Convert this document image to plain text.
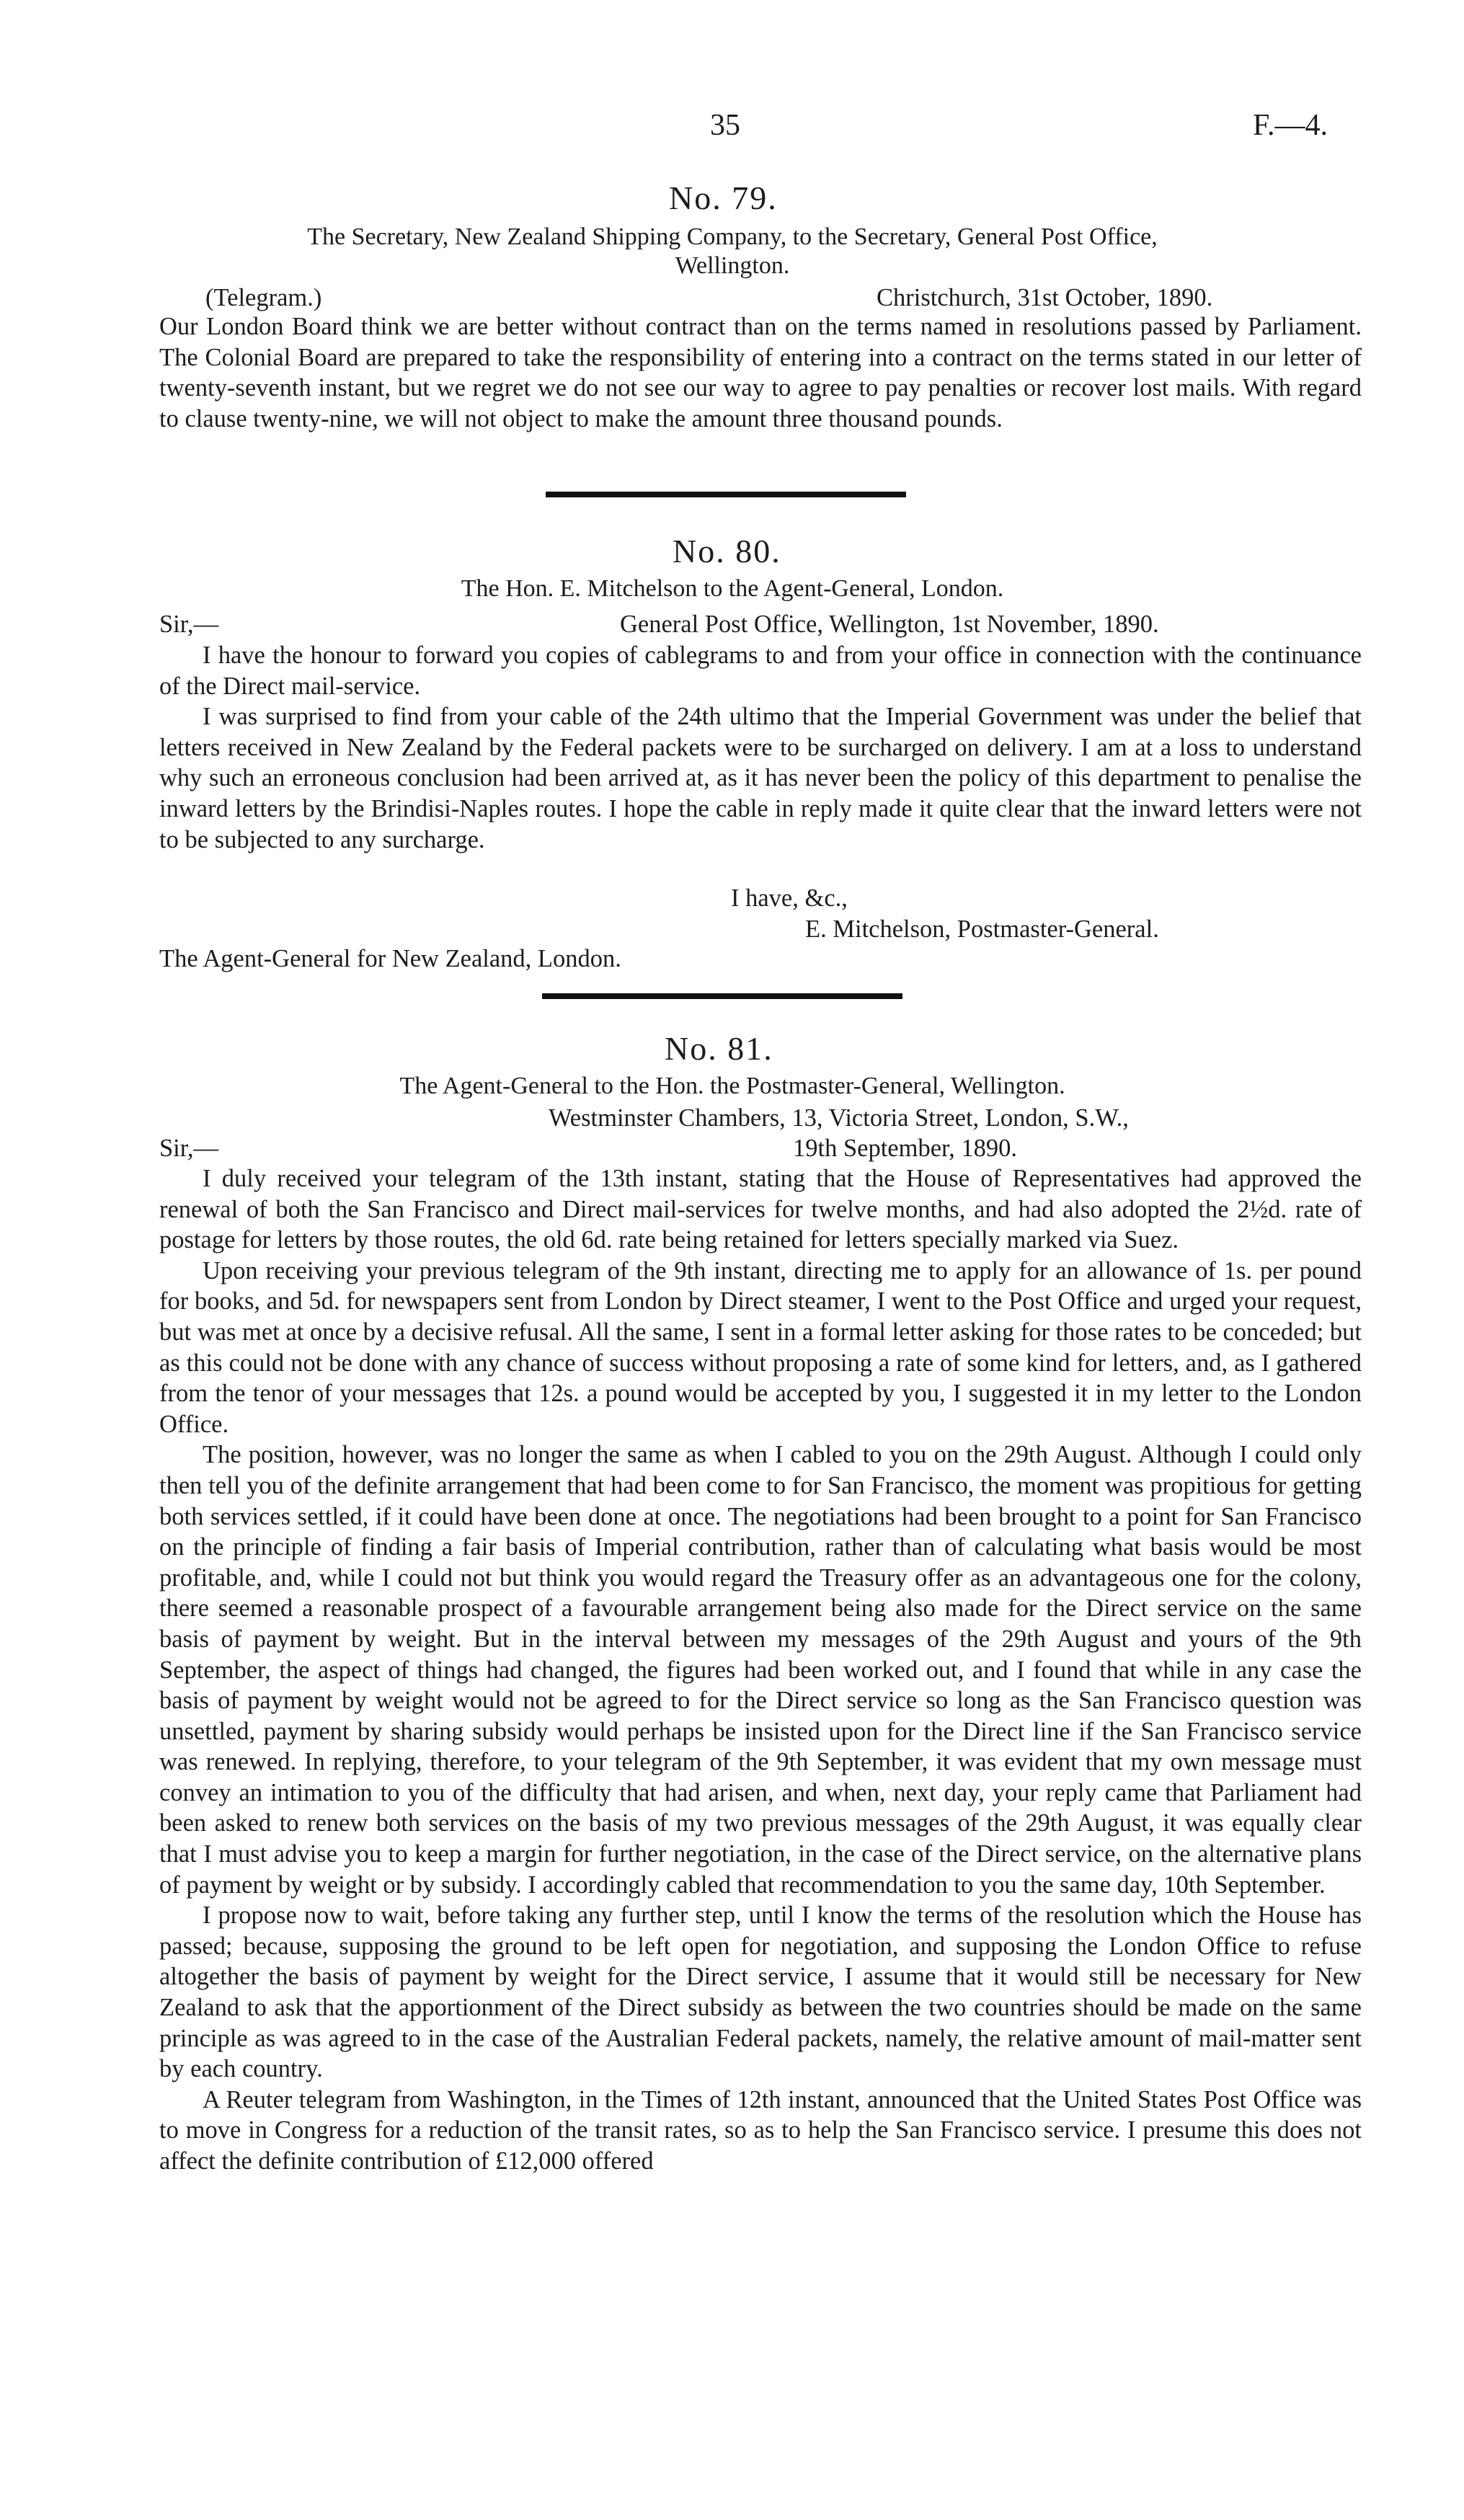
35	F.—4.
No. 79.
The Secretary, New Zealand Shipping Company, to the Secretary, General Post Office,
Wellington.
(Telegram.)	Christchurch, 31st October, 1890.

Our London Board think we are better without contract than on the terms named in resolutions passed by Parliament. The Colonial Board are prepared to take the responsibility of entering into a contract on the terms stated in our letter of twenty-seventh instant, but we regret we do not see our way to agree to pay penalties or recover lost mails. With regard to clause twenty-nine, we will not object to make the amount three thousand pounds.

No. 80.
The Hon. E. Mitchelson to the Agent-General, London.
Sir,—	General Post Office, Wellington, 1st November, 1890.

I have the honour to forward you copies of cablegrams to and from your office in connection with the continuance of the Direct mail-service.

I was surprised to find from your cable of the 24th ultimo that the Imperial Government was under the belief that letters received in New Zealand by the Federal packets were to be surcharged on delivery. I am at a loss to understand why such an erroneous conclusion had been arrived at, as it has never been the policy of this department to penalise the inward letters by the Brindisi-Naples routes. I hope the cable in reply made it quite clear that the inward letters were not to be subjected to any surcharge.

I have, &c.,
E. Mitchelson, Postmaster-General.
The Agent-General for New Zealand, London.
No. 81.
The Agent-General to the Hon. the Postmaster-General, Wellington.
Westminster Chambers, 13, Victoria Street, London, S.W.,
Sir,—	19th September, 1890.

I duly received your telegram of the 13th instant, stating that the House of Representatives had approved the renewal of both the San Francisco and Direct mail-services for twelve months, and had also adopted the 2½d. rate of postage for letters by those routes, the old 6d. rate being retained for letters specially marked via Suez.

Upon receiving your previous telegram of the 9th instant, directing me to apply for an allowance of 1s. per pound for books, and 5d. for newspapers sent from London by Direct steamer, I went to the Post Office and urged your request, but was met at once by a decisive refusal. All the same, I sent in a formal letter asking for those rates to be conceded; but as this could not be done with any chance of success without proposing a rate of some kind for letters, and, as I gathered from the tenor of your messages that 12s. a pound would be accepted by you, I suggested it in my letter to the London Office.

The position, however, was no longer the same as when I cabled to you on the 29th August. Although I could only then tell you of the definite arrangement that had been come to for San Francisco, the moment was propitious for getting both services settled, if it could have been done at once. The negotiations had been brought to a point for San Francisco on the principle of finding a fair basis of Imperial contribution, rather than of calculating what basis would be most profitable, and, while I could not but think you would regard the Treasury offer as an advantageous one for the colony, there seemed a reasonable prospect of a favourable arrangement being also made for the Direct service on the same basis of payment by weight. But in the interval between my messages of the 29th August and yours of the 9th September, the aspect of things had changed, the figures had been worked out, and I found that while in any case the basis of payment by weight would not be agreed to for the Direct service so long as the San Francisco question was unsettled, payment by sharing subsidy would perhaps be insisted upon for the Direct line if the San Francisco service was renewed. In replying, therefore, to your telegram of the 9th September, it was evident that my own message must convey an intimation to you of the difficulty that had arisen, and when, next day, your reply came that Parliament had been asked to renew both services on the basis of my two previous messages of the 29th August, it was equally clear that I must advise you to keep a margin for further negotiation, in the case of the Direct service, on the alternative plans of payment by weight or by subsidy. I accordingly cabled that recommendation to you the same day, 10th September.

I propose now to wait, before taking any further step, until I know the terms of the resolution which the House has passed; because, supposing the ground to be left open for negotiation, and supposing the London Office to refuse altogether the basis of payment by weight for the Direct service, I assume that it would still be necessary for New Zealand to ask that the apportionment of the Direct subsidy as between the two countries should be made on the same principle as was agreed to in the case of the Australian Federal packets, namely, the relative amount of mail-matter sent by each country.

A Reuter telegram from Washington, in the Times of 12th instant, announced that the United States Post Office was to move in Congress for a reduction of the transit rates, so as to help the San Francisco service. I presume this does not affect the definite contribution of £12,000 offered
